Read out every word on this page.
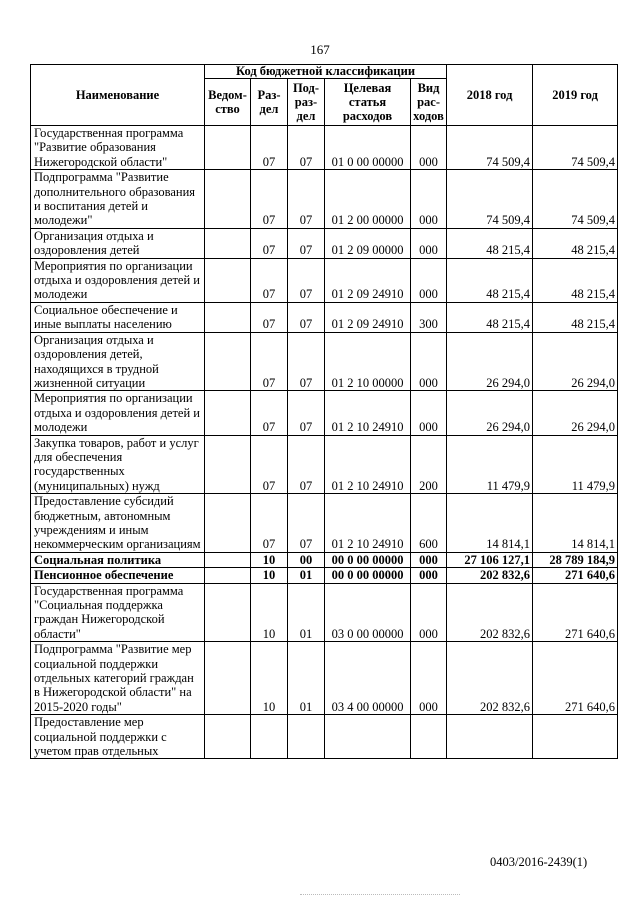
167
Наименование	Код бюджетной классификации					2018 год	2019 год
	Ведом-ство	Раз-дел	Под-раз-дел	Целевая статья расходов	Вид рас-ходов		
Государственная программа "Развитие образования Нижегородской области"		07	07	01 0 00 00000	000	74 509,4	74 509,4
Подпрограмма "Развитие дополнительного образования и воспитания детей и молодежи"		07	07	01 2 00 00000	000	74 509,4	74 509,4
Организация отдыха и оздоровления детей		07	07	01 2 09 00000	000	48 215,4	48 215,4
Мероприятия по организации отдыха и оздоровления детей и молодежи		07	07	01 2 09 24910	000	48 215,4	48 215,4
Социальное обеспечение и иные выплаты населению		07	07	01 2 09 24910	300	48 215,4	48 215,4
Организация отдыха и оздоровления детей, находящихся в трудной жизненной ситуации		07	07	01 2 10 00000	000	26 294,0	26 294,0
Мероприятия по организации отдыха и оздоровления детей и молодежи		07	07	01 2 10 24910	000	26 294,0	26 294,0
Закупка товаров, работ и услуг для обеспечения государственных (муниципальных) нужд		07	07	01 2 10 24910	200	11 479,9	11 479,9
Предоставление субсидий бюджетным, автономным учреждениям и иным некоммерческим организациям		07	07	01 2 10 24910	600	14 814,1	14 814,1
Социальная политика		10	00	00 0 00 00000	000	27 106 127,1	28 789 184,9
Пенсионное обеспечение		10	01	00 0 00 00000	000	202 832,6	271 640,6
Государственная программа "Социальная поддержка граждан Нижегородской области"		10	01	03 0 00 00000	000	202 832,6	271 640,6
Подпрограмма "Развитие мер социальной поддержки отдельных категорий граждан в Нижегородской области" на 2015-2020 годы"		10	01	03 4 00 00000	000	202 832,6	271 640,6
Предоставление мер социальной поддержки с учетом прав отдельных							
0403/2016-2439(1)
